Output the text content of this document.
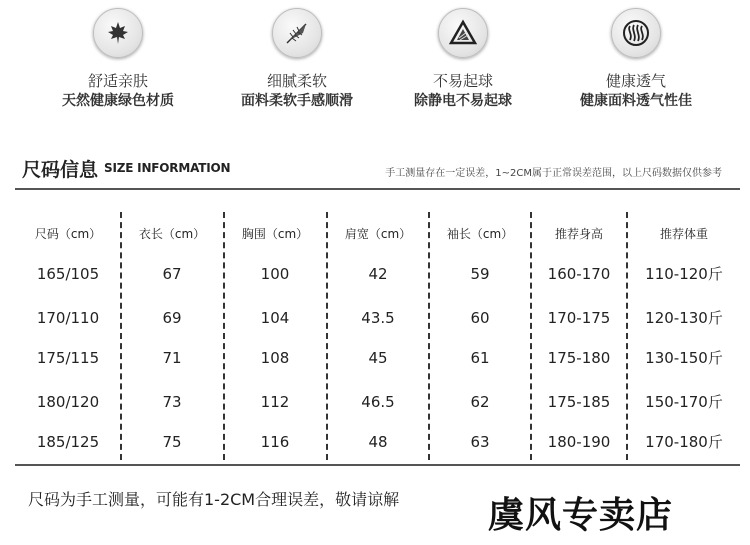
舒适亲肤
天然健康绿色材质
细腻柔软
面料柔软手感顺滑
不易起球
除静电不易起球
健康透气
健康面料透气性佳
尺码信息 SIZE INFORMATION	手工测量存在一定误差，1~2CM属于正常误差范围，以上尺码数据仅供参考
尺码（cm）	衣长（cm）	胸围（cm）	肩宽（cm）	袖长（cm）	推荐身高	推荐体重
165/105	67	100	42	59	160-170	110-120斤
170/110	69	104	43.5	60	170-175	120-130斤
175/115	71	108	45	61	175-180	130-150斤
180/120	73	112	46.5	62	175-185	150-170斤
185/125	75	116	48	63	180-190	170-180斤
尺码为手工测量，可能有1-2CM合理误差，敬请谅解 虞风专卖店
